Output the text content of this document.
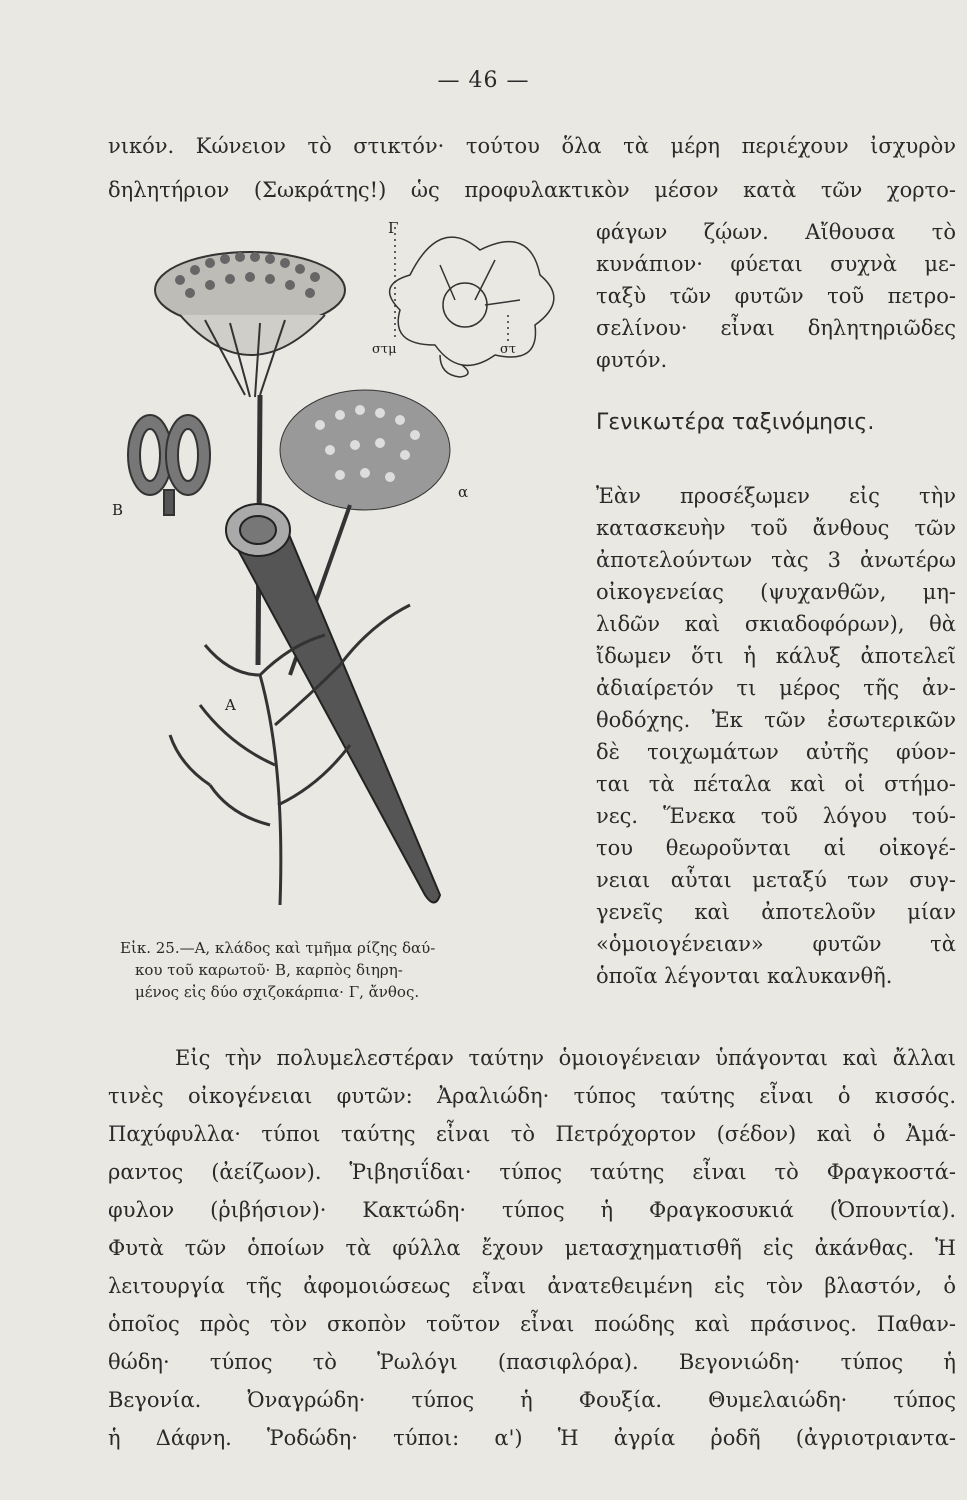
— 46 —
νικόν. Κώνειον τὸ στικτόν· τούτου ὅλα τὰ μέρη περιέχουν ἰσχυρὸν
δηλητήριον (Σωκράτης!) ὡς προφυλακτικὸν μέσον κατὰ τῶν χορτο-
φάγων ζῴων. Αἴθουσα τὸ
κυνάπιον· φύεται συχνὰ με-
ταξὺ τῶν φυτῶν τοῦ πετρο-
σελίνου· εἶναι δηλητηριῶδες
φυτόν.
Γενικωτέρα ταξινόμησις.
Ἐὰν προσέξωμεν εἰς τὴν
κατασκευὴν τοῦ ἄνθους τῶν
ἀποτελούντων τὰς 3 ἀνωτέρω
οἰκογενείας (ψυχανθῶν, μη-
λιδῶν καὶ σκιαδοφόρων), θὰ
ἴδωμεν ὅτι ἡ κάλυξ ἀποτελεῖ
ἀδιαίρετόν τι μέρος τῆς ἀν-
θοδόχης. Ἐκ τῶν ἐσωτερικῶν
δὲ τοιχωμάτων αὐτῆς φύον-
ται τὰ πέταλα καὶ οἱ στήμο-
νες. Ἕνεκα τοῦ λόγου τού-
του θεωροῦνται αἱ οἰκογέ-
νειαι αὗται μεταξύ των συγ-
γενεῖς καὶ ἀποτελοῦν μίαν
«ὁμοιογένειαν» φυτῶν τὰ
ὁποῖα λέγονται καλυκανθῆ.
α
Α
Β
Γ
στμ	στ
Εἰκ. 25.—Α, κλάδος καὶ τμῆμα ρίζης δαύ-
κου τοῦ καρωτοῦ· Β, καρπὸς διηρη-
μένος εἰς δύο σχιζοκάρπια· Γ, ἄνθος.
Εἰς τὴν πολυμελεστέραν ταύτην ὁμοιογένειαν ὑπάγονται καὶ ἄλλαι
τινὲς οἰκογένειαι φυτῶν: Ἀραλιώδη· τύπος ταύτης εἶναι ὁ κισσός.
Παχύφυλλα· τύποι ταύτης εἶναι τὸ Πετρόχορτον (σέδον) καὶ ὁ Ἀμά-
ραντος (ἀείζωον). Ῥιβησιΐδαι· τύπος ταύτης εἶναι τὸ Φραγκοστά-
φυλον (ῥιβήσιον)· Κακτώδη· τύπος ἡ Φραγκοσυκιά (Ὀπουντία).
Φυτὰ τῶν ὁποίων τὰ φύλλα ἔχουν μετασχηματισθῆ εἰς ἀκάνθας. Ἡ
λειτουργία τῆς ἀφομοιώσεως εἶναι ἀνατεθειμένη εἰς τὸν βλαστόν, ὁ
ὁποῖος πρὸς τὸν σκοπὸν τοῦτον εἶναι ποώδης καὶ πράσινος. Παθαν-
θώδη· τύπος τὸ Ῥωλόγι (πασιφλόρα). Βεγονιώδη· τύπος ἡ
Βεγονία. Ὀναγρώδη· τύπος ἡ Φουξία. Θυμελαιώδη· τύπος
ἡ Δάφνη. Ῥοδώδη· τύποι: α') Ἡ ἀγρία ῥοδῆ (ἀγριοτριαντα-
